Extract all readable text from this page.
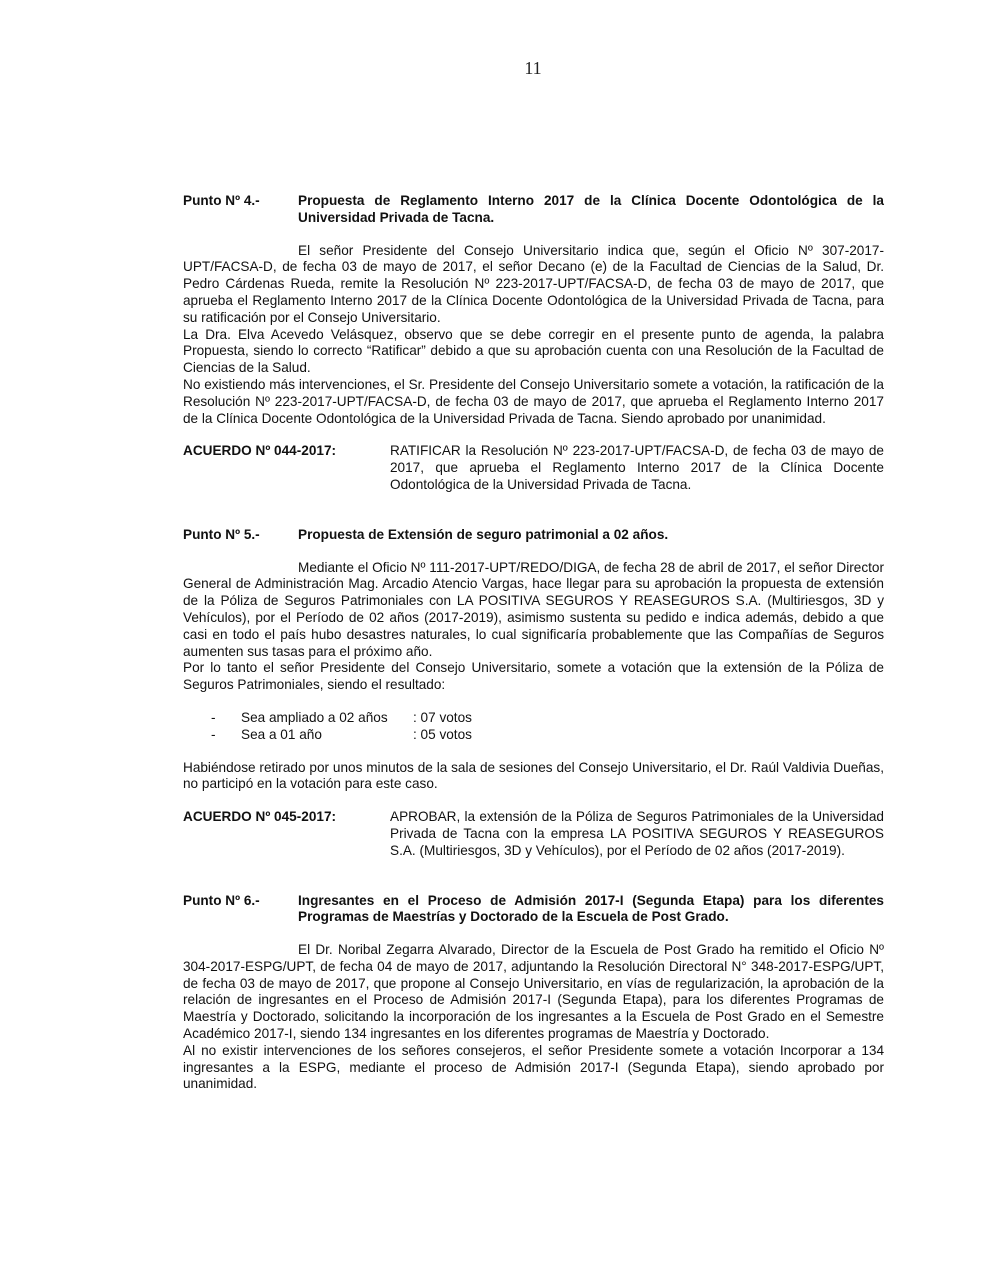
11
Punto Nº 4.-	Propuesta de Reglamento Interno 2017 de la Clínica Docente Odontológica de la Universidad Privada de Tacna.

El señor Presidente del Consejo Universitario indica que, según el Oficio Nº 307-2017-UPT/FACSA-D, de fecha 03 de mayo de 2017, el señor Decano (e) de la Facultad de Ciencias de la Salud, Dr. Pedro Cárdenas Rueda, remite la Resolución Nº 223-2017-UPT/FACSA-D, de fecha 03 de mayo de 2017, que aprueba el Reglamento Interno 2017 de la Clínica Docente Odontológica de la Universidad Privada de Tacna, para su ratificación por el Consejo Universitario.

La Dra. Elva Acevedo Velásquez, observo que se debe corregir en el presente punto de agenda, la palabra Propuesta, siendo lo correcto “Ratificar” debido a que su aprobación cuenta con una Resolución de la Facultad de Ciencias de la Salud.

No existiendo más intervenciones, el Sr. Presidente del Consejo Universitario somete a votación, la ratificación de la Resolución Nº 223-2017-UPT/FACSA-D, de fecha 03 de mayo de 2017, que aprueba el Reglamento Interno 2017 de la Clínica Docente Odontológica de la Universidad Privada de Tacna. Siendo aprobado por unanimidad.

ACUERDO Nº 044-2017:	RATIFICAR la Resolución Nº 223-2017-UPT/FACSA-D, de fecha 03 de mayo de 2017, que aprueba el Reglamento Interno 2017 de la Clínica Docente Odontológica de la Universidad Privada de Tacna.
Punto Nº 5.-	Propuesta de Extensión de seguro patrimonial a 02 años.

Mediante el Oficio Nº 111-2017-UPT/REDO/DIGA, de fecha 28 de abril de 2017, el señor Director General de Administración Mag. Arcadio Atencio Vargas, hace llegar para su aprobación la propuesta de extensión de la Póliza de Seguros Patrimoniales con LA POSITIVA SEGUROS Y REASEGUROS S.A. (Multiriesgos, 3D y Vehículos), por el Período de 02 años (2017-2019), asimismo sustenta su pedido e indica además, debido a que casi en todo el país hubo desastres naturales, lo cual significaría probablemente que las Compañías de Seguros aumenten sus tasas para el próximo año.

Por lo tanto el señor Presidente del Consejo Universitario, somete a votación que la extensión de la Póliza de Seguros Patrimoniales, siendo el resultado:

-	Sea ampliado a 02 años	: 07 votos
-	Sea a 01 año	: 05 votos

Habiéndose retirado por unos minutos de la sala de sesiones del Consejo Universitario, el Dr. Raúl Valdivia Dueñas, no participó en la votación para este caso.

ACUERDO Nº 045-2017:	APROBAR, la extensión de la Póliza de Seguros Patrimoniales de la Universidad Privada de Tacna con la empresa LA POSITIVA SEGUROS Y REASEGUROS S.A. (Multiriesgos, 3D y Vehículos), por el Período de 02 años (2017-2019).
Punto Nº 6.-	Ingresantes en el Proceso de Admisión 2017-I (Segunda Etapa) para los diferentes Programas de Maestrías y Doctorado de la Escuela de Post Grado.

El Dr. Noribal Zegarra Alvarado, Director de la Escuela de Post Grado ha remitido el Oficio Nº 304-2017-ESPG/UPT, de fecha 04 de mayo de 2017, adjuntando la Resolución Directoral N° 348-2017-ESPG/UPT, de fecha 03 de mayo de 2017, que propone al Consejo Universitario, en vías de regularización, la aprobación de la relación de ingresantes en el Proceso de Admisión 2017-I (Segunda Etapa), para los diferentes Programas de Maestría y Doctorado, solicitando la incorporación de los ingresantes a la Escuela de Post Grado en el Semestre Académico 2017-I, siendo 134 ingresantes en los diferentes programas de Maestría y Doctorado.

Al no existir intervenciones de los señores consejeros, el señor Presidente somete a votación Incorporar a 134 ingresantes a la ESPG, mediante el proceso de Admisión 2017-I (Segunda Etapa), siendo aprobado por unanimidad.
